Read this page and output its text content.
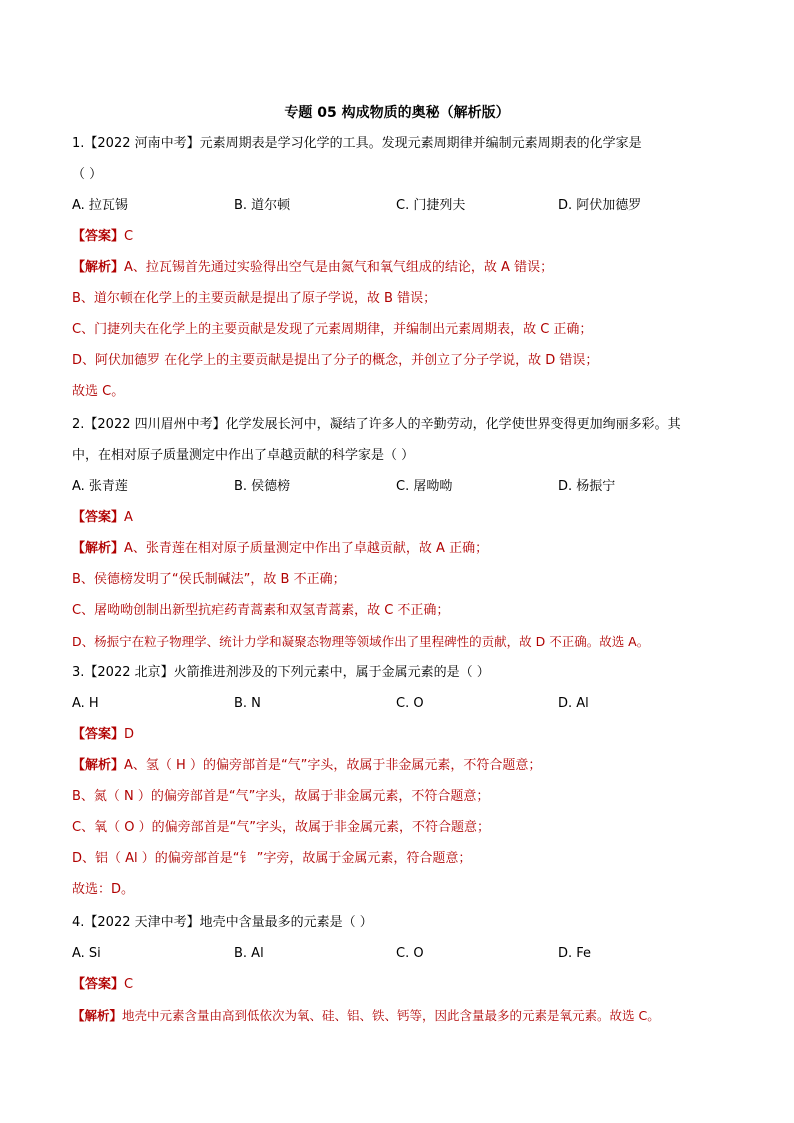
专题 05 构成物质的奥秘（解析版）
1.【2022 河南中考】元素周期表是学习化学的工具。发现元素周期律并编制元素周期表的化学家是
（ ）
A. 拉瓦锡	B. 道尔顿	C. 门捷列夫	D. 阿伏加德罗
【答案】C
【解析】A、拉瓦锡首先通过实验得出空气是由氮气和氧气组成的结论，故 A 错误；
B、道尔顿在化学上的主要贡献是提出了原子学说，故 B 错误；
C、门捷列夫在化学上的主要贡献是发现了元素周期律，并编制出元素周期表，故 C 正确；
D、阿伏加德罗 在化学上的主要贡献是提出了分子的概念，并创立了分子学说，故 D 错误；
故选 C。
2.【2022 四川眉州中考】化学发展长河中，凝结了许多人的辛勤劳动，化学使世界变得更加绚丽多彩。其
中，在相对原子质量测定中作出了卓越贡献的科学家是（ ）
A. 张青莲	B. 侯德榜	C. 屠呦呦	D. 杨振宁
【答案】A
【解析】A、张青莲在相对原子质量测定中作出了卓越贡献，故 A 正确；
B、侯德榜发明了“侯氏制碱法”，故 B 不正确；
C、屠呦呦创制出新型抗疟药青蒿素和双氢青蒿素，故 C 不正确；
D、杨振宁在粒子物理学、统计力学和凝聚态物理等领域作出了里程碑性的贡献，故 D 不正确。故选 A。
3.【2022 北京】火箭推进剂涉及的下列元素中，属于金属元素的是（ ）
A. H	B. N	C. O	D. Al
【答案】D
【解析】A、氢（ H ）的偏旁部首是“气”字头，故属于非金属元素，不符合题意；
B、氮（ N ）的偏旁部首是“气”字头，故属于非金属元素，不符合题意；
C、氧（ O ）的偏旁部首是“气”字头，故属于非金属元素，不符合题意；
D、铝（ Al ）的偏旁部首是“钅 ”字旁，故属于金属元素，符合题意；
故选：D。
4.【2022 天津中考】地壳中含量最多的元素是（ ）
A. Si	B. Al	C. O	D. Fe
【答案】C
【解析】地壳中元素含量由高到低依次为氧、硅、铝、铁、钙等，因此含量最多的元素是氧元素。故选 C。
